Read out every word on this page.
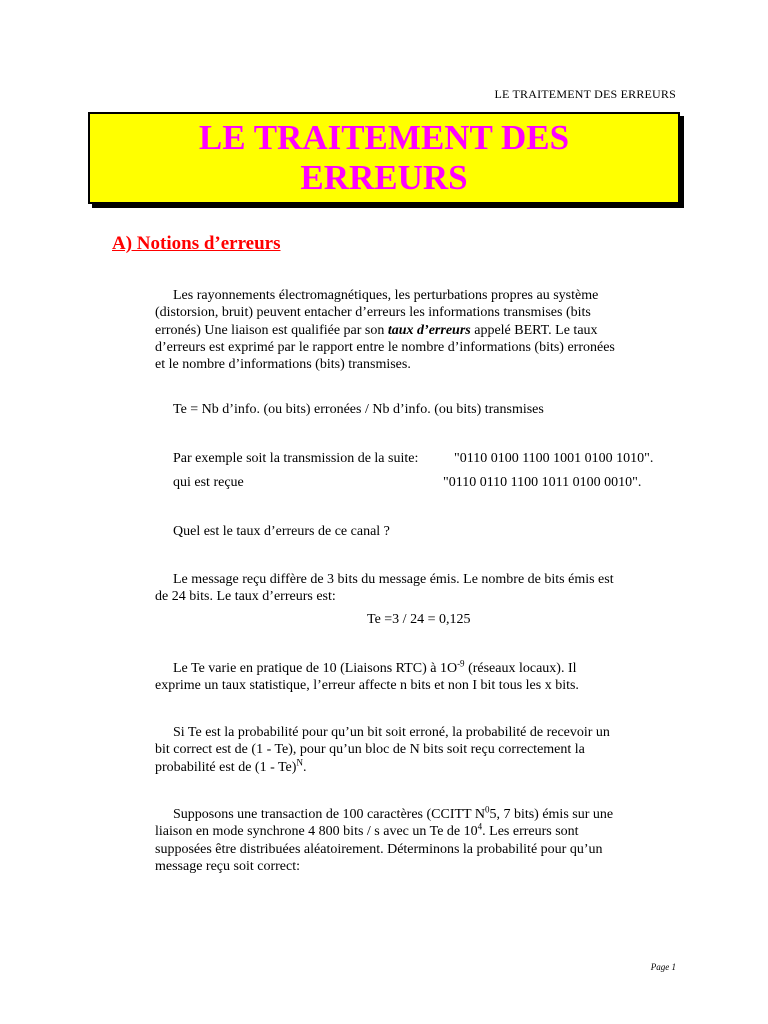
LE TRAITEMENT DES ERREURS
LE TRAITEMENT DES ERREURS
A) Notions d’erreurs
Les rayonnements électromagnétiques, les perturbations propres au système
(distorsion, bruit) peuvent entacher d’erreurs les informations transmises (bits
erronés) Une liaison est qualifiée par son taux d’erreurs appelé BERT. Le taux
d’erreurs est exprimé par le rapport entre le nombre d’informations (bits) erronées
et le nombre d’informations (bits) transmises.
Te = Nb d’info. (ou bits) erronées / Nb d’info. (ou bits) transmises
Par exemple soit la transmission de la suite:	"0110 0100 1100 1001 0100 1010".
qui est reçue	"0110 0110 1100 1011 0100 0010".
Quel est le taux d’erreurs de ce canal ?
Le message reçu diffère de 3 bits du message émis. Le nombre de bits émis est
de 24 bits. Le taux d’erreurs est:
Te =3 / 24 = 0,125
Le Te varie en pratique de 10 (Liaisons RTC) à $1O^{-9}$ (réseaux locaux). Il
exprime un taux statistique, l’erreur affecte n bits et non I bit tous les x bits.
Si Te est la probabilité pour qu’un bit soit erroné, la probabilité de recevoir un
bit correct est de (1 - Te), pour qu’un bloc de N bits soit reçu correctement la
probabilité est de (1 - Te)$^N$.
Supposons une transaction de 100 caractères (CCITT $N^05$, 7 bits) émis sur une
liaison en mode synchrone 4 800 bits / s avec un Te de $10^4$. Les erreurs sont
supposées être distribuées aléatoirement. Déterminons la probabilité pour qu’un
message reçu soit correct:
Page 1
